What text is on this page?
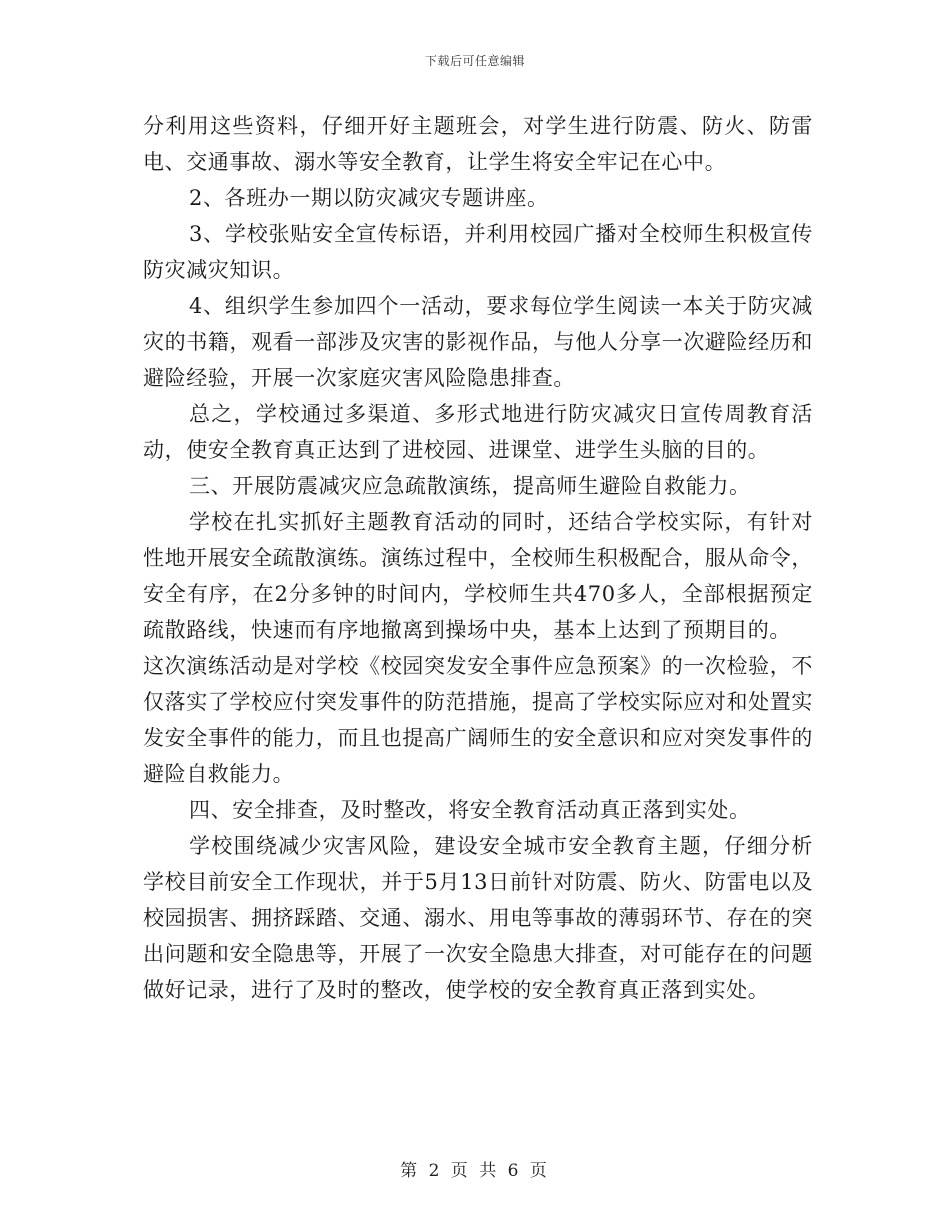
下载后可任意编辑

分利用这些资料，仔细开好主题班会，对学生进行防震、防火、防雷电、交通事故、溺水等安全教育，让学生将安全牢记在心中。

2、各班办一期以防灾减灾专题讲座。

3、学校张贴安全宣传标语，并利用校园广播对全校师生积极宣传防灾减灾知识。

4、组织学生参加四个一活动，要求每位学生阅读一本关于防灾减灾的书籍，观看一部涉及灾害的影视作品，与他人分享一次避险经历和避险经验，开展一次家庭灾害风险隐患排查。

总之，学校通过多渠道、多形式地进行防灾减灾日宣传周教育活动，使安全教育真正达到了进校园、进课堂、进学生头脑的目的。

三、开展防震减灾应急疏散演练，提高师生避险自救能力。

学校在扎实抓好主题教育活动的同时，还结合学校实际，有针对性地开展安全疏散演练。演练过程中，全校师生积极配合，服从命令，安全有序，在2分多钟的时间内，学校师生共470多人，全部根据预定疏散路线，快速而有序地撤离到操场中央，基本上达到了预期目的。

这次演练活动是对学校《校园突发安全事件应急预案》的一次检验，不仅落实了学校应付突发事件的防范措施，提高了学校实际应对和处置实发安全事件的能力，而且也提高广阔师生的安全意识和应对突发事件的避险自救能力。

四、安全排查，及时整改，将安全教育活动真正落到实处。

学校围绕减少灾害风险，建设安全城市安全教育主题，仔细分析学校目前安全工作现状，并于5月13日前针对防震、防火、防雷电以及校园损害、拥挤踩踏、交通、溺水、用电等事故的薄弱环节、存在的突出问题和安全隐患等，开展了一次安全隐患大排查，对可能存在的问题做好记录，进行了及时的整改，使学校的安全教育真正落到实处。

第 2 页 共 6 页
